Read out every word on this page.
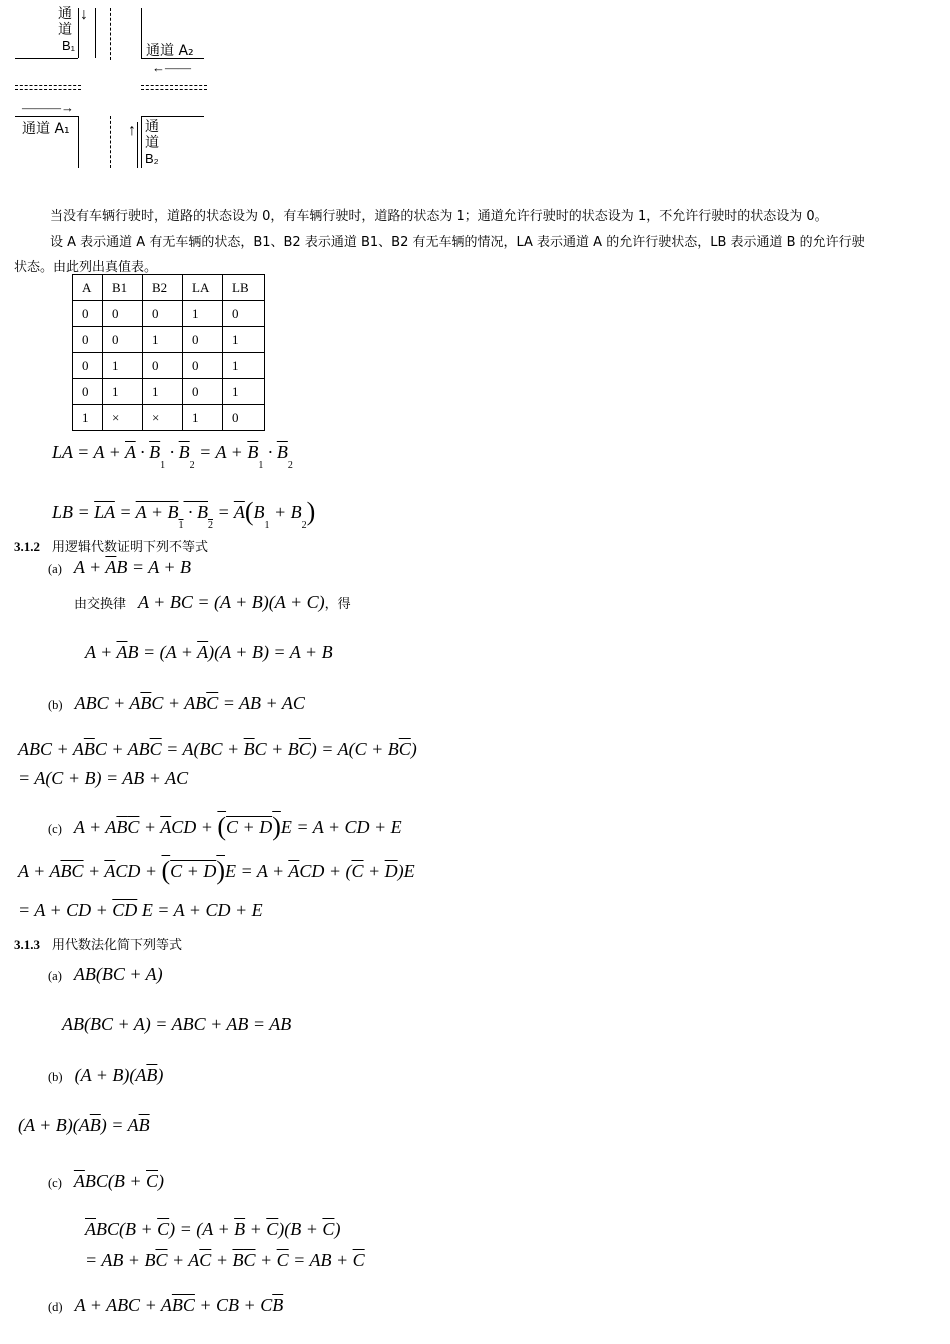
通
道
B₁
↓
通道 A₂
←——
———→
通道 A₁	↑ 通
道
B₂
当没有车辆行驶时，道路的状态设为 0，有车辆行驶时，道路的状态为 1；通道允许行驶时的状态设为 1，不允许行驶时的状态设为 0。
设 A 表示通道 A 有无车辆的状态，B1、B2 表示通道 B1、B2 有无车辆的情况，LA 表示通道 A 的允许行驶状态，LB 表示通道 B 的允许行驶
状态。由此列出真值表。
A	B1	B2	LA	LB
0	0	0	1	0
0	0	1	0	1
0	1	0	0	1
0	1	1	0	1
1	×	×	1	0
LA = $A + \overline{A} \cdot \overline{B}_1 \cdot \overline{B}_2 = A + \overline{B}_1 \cdot \overline{B}_2$
LB = $\overline{LA} = A + B_1 \cdot B_2 = \overline{A}(B_1 + B_2)$
3.1.2 用逻辑代数证明下列不等式
(a) $A + \overline{A}B = A + B$
由交换律 A + BC = (A + B)(A + C)，得
$A + \overline{A}B = (A + \overline{A})(A + B) = A + B$
(b) ABC + $A\overline{B}C + AB\overline{C}$ = AB + AC
ABC + $A\overline{B}C + AB\overline{C} = A(BC + \overline{B}C + B\overline{C}) = A(C + B\overline{C})$
= A(C + B) = AB + AC
(c) $A + A\overline{B}\overline{C} + \overline{A}CD + (C + D)E = A$ + CD + E
$A + A\overline{B}\overline{C} + \overline{A}CD + (C + D)E = A + \overline{A}CD + (\overline{C} + \overline{D})E$
= A + CD + $\overline{CD}$ E = A + CD + E
3.1.3 用代数法化简下列等式
(a) AB(BC + A)
AB(BC + A) = ABC + AB = AB
(b) $(A + B)(A\overline{B})$
$(A + B)(A\overline{B}) = A\overline{B}$
(c) $\overline{A}BC(B + \overline{C})$
$\overline{A}BC(B + \overline{C}) = (A + \overline{B} + \overline{C})(B + \overline{C})$
= AB + $B\overline{C} + A\overline{C} + \overline{B}\overline{C} + \overline{C}$ = AB + $\overline{C}$
(d) A + ABC + $A\overline{BC}$ + CB + $C\overline{B}$
